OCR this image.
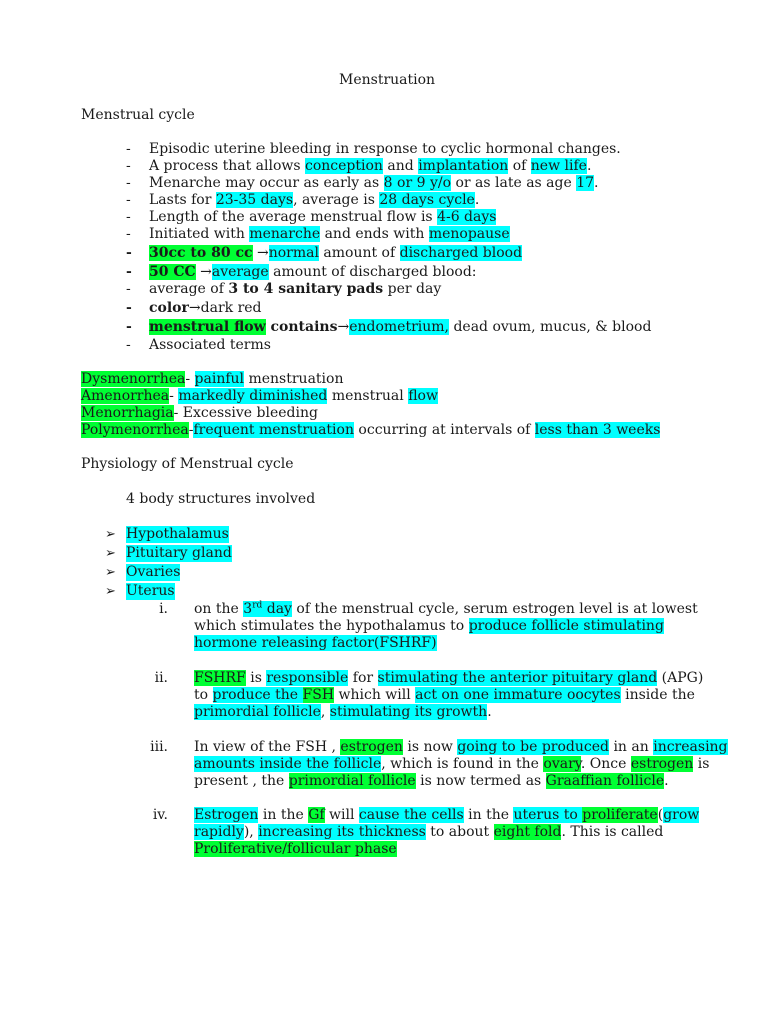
Menstruation
Menstrual cycle
- Episodic uterine bleeding in response to cyclic hormonal changes.
- A process that allows conception and implantation of new life.
- Menarche may occur as early as 8 or 9 y/o or as late as age 17.
- Lasts for 23-35 days, average is 28 days cycle.
- Length of the average menstrual flow is 4-6 days
- Initiated with menarche and ends with menopause
- 30cc to 80 cc →normal amount of discharged blood
- 50 CC →average amount of discharged blood:
- average of 3 to 4 sanitary pads per day
- color→dark red
- menstrual flow contains→endometrium, dead ovum, mucus, & blood
- Associated terms
Dysmenorrhea- painful menstruation
Amenorrhea- markedly diminished menstrual flow
Menorrhagia- Excessive bleeding
Polymenorrhea-frequent menstruation occurring at intervals of less than 3 weeks
Physiology of Menstrual cycle
4 body structures involved
➢ Hypothalamus
➢ Pituitary gland
➢ Ovaries
➢ Uterus
i. on the 3rd day of the menstrual cycle, serum estrogen level is at lowest
which stimulates the hypothalamus to produce follicle stimulating
hormone releasing factor(FSHRF)
ii. FSHRF is responsible for stimulating the anterior pituitary gland (APG)
to produce the FSH which will act on one immature oocytes inside the
primordial follicle, stimulating its growth.
iii. In view of the FSH , estrogen is now going to be produced in an increasing
amounts inside the follicle, which is found in the ovary. Once estrogen is
present , the primordial follicle is now termed as Graaffian follicle.
iv. Estrogen in the Gf will cause the cells in the uterus to proliferate(grow
rapidly), increasing its thickness to about eight fold. This is called
Proliferative/follicular phase
